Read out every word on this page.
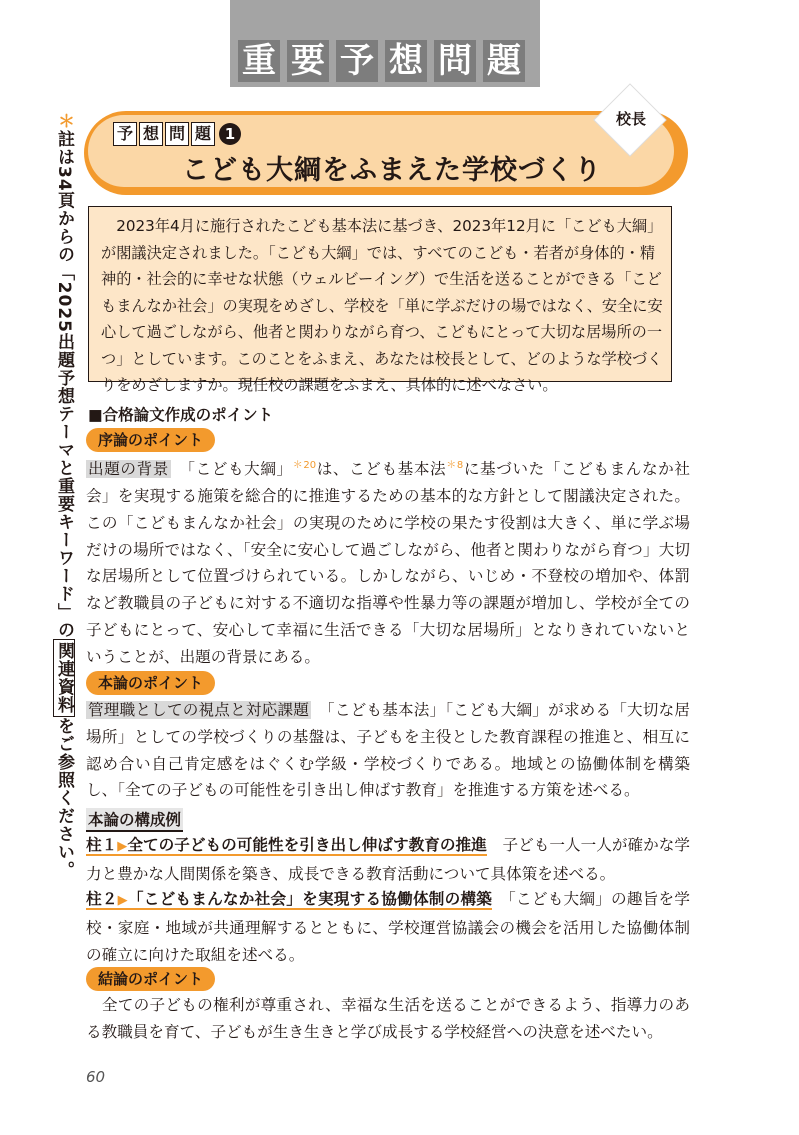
重 要 予 想 問 題
＊註は34頁からの「2025出題予想テーマと重要キーワード」の関連資料をご参照ください。
校長
予 想 問 題 1
こども大綱をふまえた学校づくり
2023年4月に施行されたこども基本法に基づき、2023年12月に「こども大綱」が閣議決定されました。「こども大綱」では、すべてのこども・若者が身体的・精神的・社会的に幸せな状態（ウェルビーイング）で生活を送ることができる「こどもまんなか社会」の実現をめざし、学校を「単に学ぶだけの場ではなく、安全に安心して過ごしながら、他者と関わりながら育つ、こどもにとって大切な居場所の一つ」としています。このことをふまえ、あなたは校長として、どのような学校づくりをめざしますか。現任校の課題をふまえ、具体的に述べなさい。
■合格論文作成のポイント
序論のポイント
出題の背景　 「こども大綱」$^{*20}$は、こども基本法$^{*8}$に基づいた「こどもまんなか社会」を実現する施策を総合的に推進するための基本的な方針として閣議決定された。この「こどもまんなか社会」の実現のために学校の果たす役割は大きく、単に学ぶ場だけの場所ではなく、「安全に安心して過ごしながら、他者と関わりながら育つ」大切な居場所として位置づけられている。しかしながら、いじめ・不登校の増加や、体罰など教職員の子どもに対する不適切な指導や性暴力等の課題が増加し、学校が全ての子どもにとって、安心して幸福に生活できる「大切な居場所」となりきれていないということが、出題の背景にある。
本論のポイント
管理職としての視点と対応課題　 「こども基本法」「こども大綱」が求める「大切な居場所」としての学校づくりの基盤は、子どもを主役とした教育課程の推進と、相互に認め合い自己肯定感をはぐくむ学級・学校づくりである。地域との協働体制を構築し、「全ての子どもの可能性を引き出し伸ばす教育」を推進する方策を述べる。
本論の構成例
柱１▶全ての子どもの可能性を引き出し伸ばす教育の推進　 子ども一人一人が確かな学力と豊かな人間関係を築き、成長できる教育活動について具体策を述べる。
柱２▶「こどもまんなか社会」を実現する協働体制の構築　 「こども大綱」の趣旨を学校・家庭・地域が共通理解するとともに、学校運営協議会の機会を活用した協働体制の確立に向けた取組を述べる。
結論のポイント
全ての子どもの権利が尊重され、幸福な生活を送ることができるよう、指導力のある教職員を育て、子どもが生き生きと学び成長する学校経営への決意を述べたい。
60
